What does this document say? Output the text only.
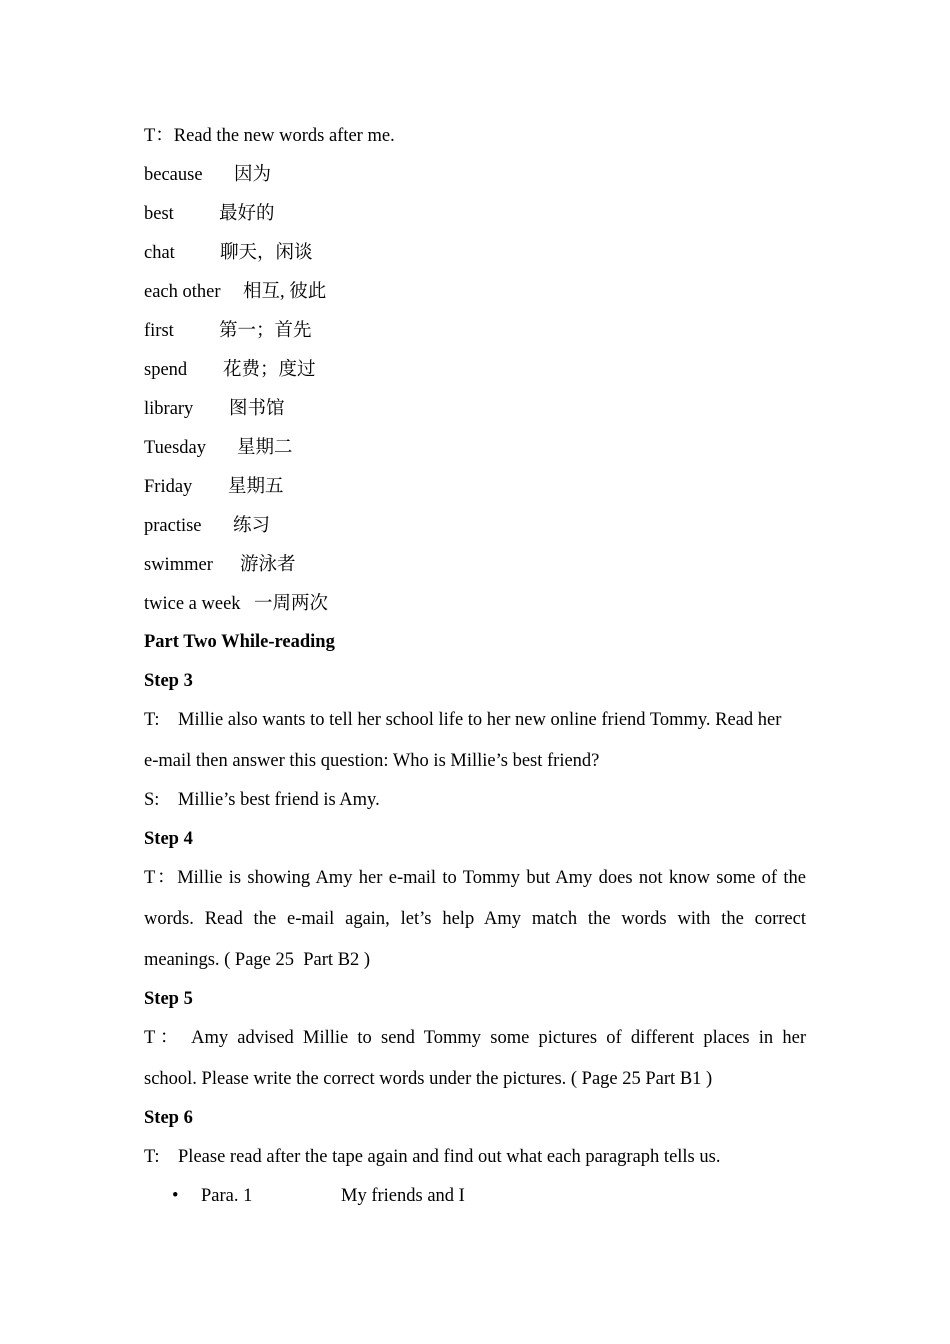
T：Read the new words after me.
because 因为
best 最好的
chat 聊天，闲谈
each other 相互, 彼此
first 第一；首先
spend 花费；度过
library 图书馆
Tuesday 星期二
Friday 星期五
practise 练习
swimmer 游泳者
twice a week 一周两次
Part Two While-reading
Step 3
T:    Millie also wants to tell her school life to her new online friend Tommy. Read her
e-mail then answer this question: Who is Millie’s best friend?
S:    Millie’s best friend is Amy.
Step 4
T：Millie is showing Amy her e-mail to Tommy but Amy does not know some of the
words. Read the e-mail again, let’s help Amy match the words with the correct
meanings. ( Page 25  Part B2 )
Step 5
T： Amy advised Millie to send Tommy some pictures of different places in her
school. Please write the correct words under the pictures. ( Page 25 Part B1 )
Step 6
T:    Please read after the tape again and find out what each paragraph tells us.
• Para. 1	My friends and I
